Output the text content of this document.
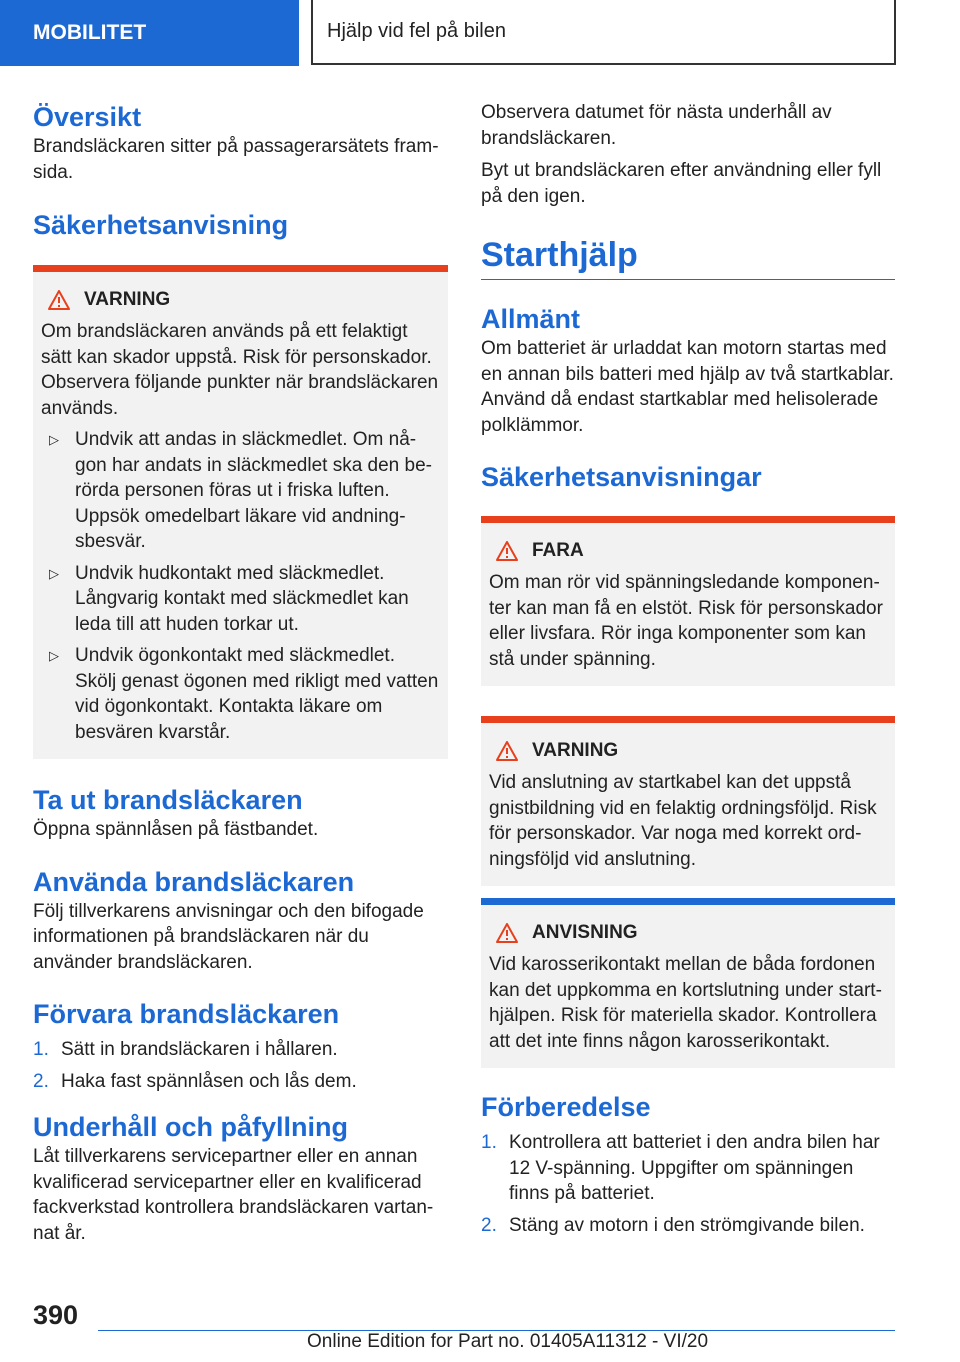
MOBILITET	Hjälp vid fel på bilen
Översikt

Brandsläckaren sitter på passagerarsätets framsida.

Säkerhetsanvisning
VARNING

Om brandsläckaren används på ett felaktigt sätt kan skador uppstå. Risk för personskador. Observera följande punkter när brandsläckaren används.

▷ Undvik att andas in släckmedlet. Om någon har andats in släckmedlet ska den berörda personen föras ut i friska luften. Uppsök omedelbart läkare vid andningsbesvär.
▷ Undvik hudkontakt med släckmedlet. Långvarig kontakt med släckmedlet kan leda till att huden torkar ut.
▷ Undvik ögonkontakt med släckmedlet. Skölj genast ögonen med rikligt med vatten vid ögonkontakt. Kontakta läkare om besvären kvarstår.
Ta ut brandsläckaren

Öppna spännlåsen på fästbandet.

Använda brandsläckaren

Följ tillverkarens anvisningar och den bifogade informationen på brandsläckaren när du använder brandsläckaren.

Förvara brandsläckaren
1. Sätt in brandsläckaren i hållaren.
2. Haka fast spännlåsen och lås dem.
Underhåll och påfyllning

Låt tillverkarens servicepartner eller en annan kvalificerad servicepartner eller en kvalificerad fackverkstad kontrollera brandsläckaren vartannat år.

Observera datumet för nästa underhåll av brandsläckaren.

Byt ut brandsläckaren efter användning eller fyll på den igen.

Starthjälp
Allmänt

Om batteriet är urladdat kan motorn startas med en annan bils batteri med hjälp av två startkablar. Använd då endast startkablar med helisolerade polklämmor.

Säkerhetsanvisningar
FARA

Om man rör vid spänningsledande komponenter kan man få en elstöt. Risk för personskador eller livsfara. Rör inga komponenter som kan stå under spänning.

VARNING

Vid anslutning av startkabel kan det uppstå gnistbildning vid en felaktig ordningsföljd. Risk för personskador. Var noga med korrekt ordningsföljd vid anslutning.

ANVISNING

Vid karosserikontakt mellan de båda fordonen kan det uppkomma en kortslutning under starthjälpen. Risk för materiella skador. Kontrollera att det inte finns någon karosserikontakt.

Förberedelse
1. Kontrollera att batteriet i den andra bilen har 12 V-spänning. Uppgifter om spänningen finns på batteriet.
2. Stäng av motorn i den strömgivande bilen.
390
Online Edition for Part no. 01405A11312 - VI/20
